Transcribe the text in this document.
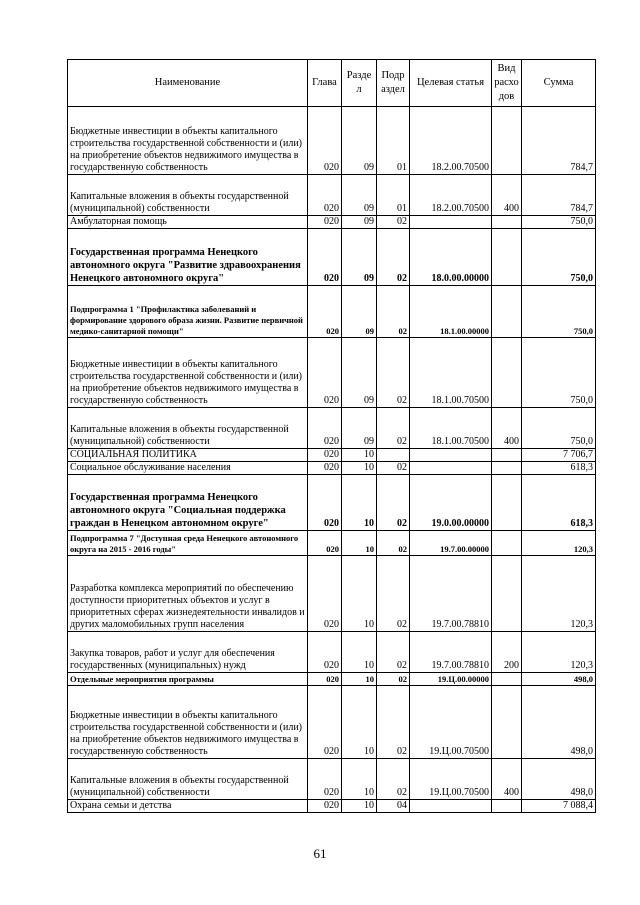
Наименование	Глава	Разде л	Подр аздел	Целевая статья	Вид расхо дов	Сумма
Бюджетные инвестиции в объекты капитального строительства государственной собственности и (или) на приобретение объектов недвижимого имущества в государственную собственность	020	09	01	18.2.00.70500		784,7
Капитальные вложения в объекты государственной (муниципальной) собственности	020	09	01	18.2.00.70500	400	784,7
Амбулаторная помощь	020	09	02			750,0
Государственная программа Ненецкого автономного округа "Развитие здравоохранения Ненецкого автономного округа"	020	09	02	18.0.00.00000		750,0
Подпрограмма 1 "Профилактика заболеваний и формирование здорового образа жизни. Развитие первичной медико-санитарной помощи"	020	09	02	18.1.00.00000		750,0
Бюджетные инвестиции в объекты капитального строительства государственной собственности и (или) на приобретение объектов недвижимого имущества в государственную собственность	020	09	02	18.1.00.70500		750,0
Капитальные вложения в объекты государственной (муниципальной) собственности	020	09	02	18.1.00.70500	400	750,0
СОЦИАЛЬНАЯ ПОЛИТИКА	020	10				7 706,7
Социальное обслуживание населения	020	10	02			618,3
Государственная программа Ненецкого автономного округа "Социальная поддержка граждан в Ненецком автономном округе"	020	10	02	19.0.00.00000		618,3
Подпрограмма 7 "Доступная среда Ненецкого автономного округа на 2015 - 2016 годы"	020	10	02	19.7.00.00000		120,3
Разработка комплекса мероприятий по обеспечению доступности приоритетных объектов и услуг в приоритетных сферах жизнедеятельности инвалидов и других маломобильных групп населения	020	10	02	19.7.00.78810		120,3
Закупка товаров, работ и услуг для обеспечения государственных (муниципальных) нужд	020	10	02	19.7.00.78810	200	120,3
Отдельные мероприятия программы	020	10	02	19.Ц.00.00000		498,0
Бюджетные инвестиции в объекты капитального строительства государственной собственности и (или) на приобретение объектов недвижимого имущества в государственную собственность	020	10	02	19.Ц.00.70500		498,0
Капитальные вложения в объекты государственной (муниципальной) собственности	020	10	02	19.Ц.00.70500	400	498,0
Охрана семьи и детства	020	10	04			7 088,4
61
